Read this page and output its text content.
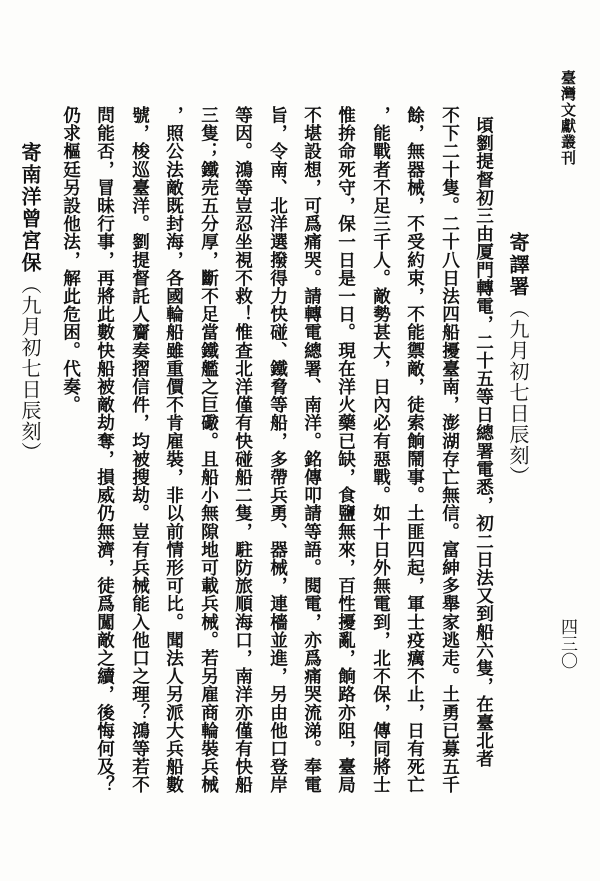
臺灣文獻叢刊
四三〇
寄譯署（九月初七日辰刻）
頃劉提督初三由厦門轉電，二十五等日總署電悉，初二日法又到船六隻，在臺北者
不下二十隻。二十八日法四船擾臺南，澎湖存亡無信。富紳多舉家逃走。土勇已募五千
餘，無器械，不受約束，不能禦敵，徒索餉鬧事。土匪四起，軍士疫癘不止，日有死亡
，能戰者不足三千人。敵勢甚大，日內必有惡戰。如十日外無電到，北不保，傳同將士
惟拚命死守，保一日是一日。現在洋火藥已缺，食鹽無來，百性擾亂，餉路亦阻，臺局
不堪設想，可爲痛哭。請轉電總署、南洋。銘傳叩請等語。閱電，亦爲痛哭流涕。奉電
旨，令南、北洋選撥得力快碰、鐵脅等船，多帶兵勇、器械，連檣並進，另由他口登岸
等因。鴻等豈忍坐視不救！惟查北洋僅有快碰船二隻，駐防旅順海口，南洋亦僅有快船
三隻；鐵売五分厚，斷不足當鐵艦之巨礮。且船小無隙地可載兵械。若另雇商輪裝兵械
，照公法敵既封海，各國輪船雖重價不肯雇裝，非以前情形可比。聞法人另派大兵船數
號，梭巡臺洋。劉提督託人齎奏摺信件，均被搜劫。豈有兵械能入他口之理？鴻等若不
問能否，冒昧行事，再將此數快船被敵劫奪，損威仍無濟，徒爲闖敵之續，後悔何及？
仍求樞廷另設他法，解此危困。代奏。
寄南洋曾宮保（九月初七日辰刻）
